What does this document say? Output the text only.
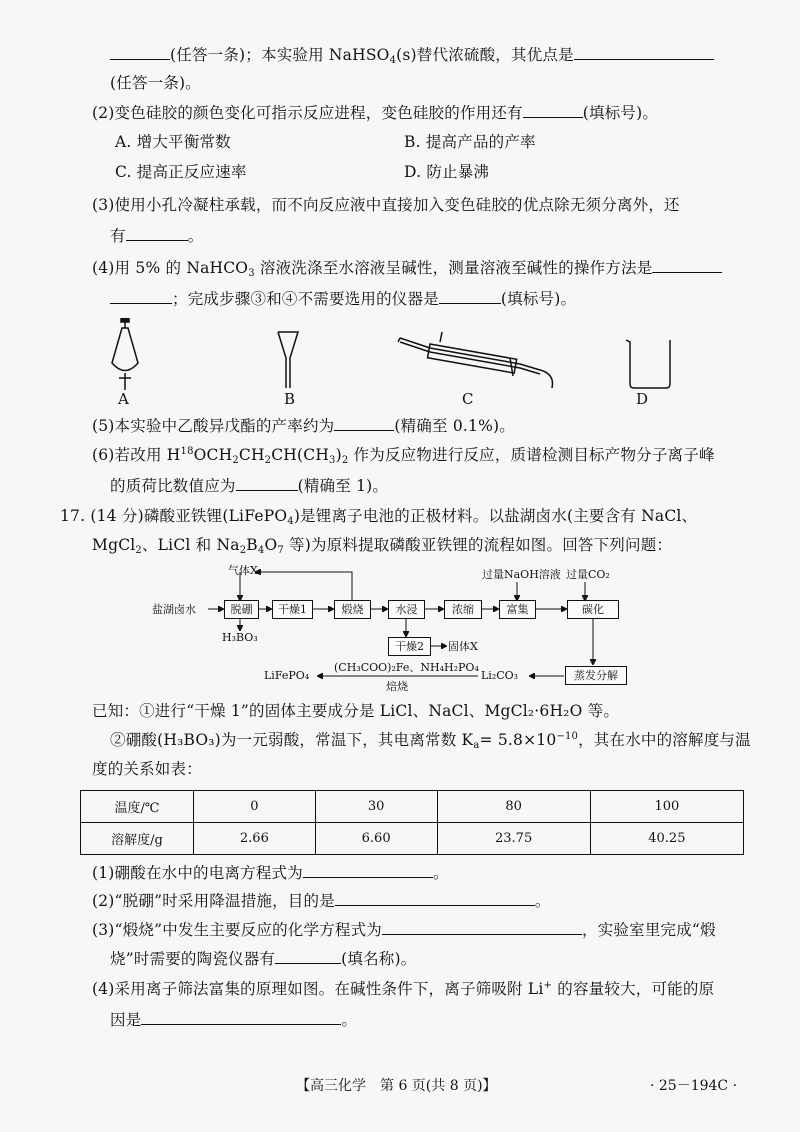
(任答一条)；本实验用 NaHSO$_4$(s)替代浓硫酸，其优点是
(任答一条)。
(2)变色硅胶的颜色变化可指示反应进程，变色硅胶的作用还有	(填标号)。
A. 增大平衡常数	B. 提高产品的产率
C. 提高正反应速率	D. 防止暴沸
(3)使用小孔冷凝柱承载，而不向反应液中直接加入变色硅胶的优点除无须分离外，还
有	。
(4)用 5% 的 NaHCO$_3$ 溶液洗涤至水溶液呈碱性，测量溶液至碱性的操作方法是
；完成步骤③和④不需要选用的仪器是	(填标号)。
A	B	C	D
(5)本实验中乙酸异戊酯的产率约为	(精确至 0.1%)。
(6)若改用 $H^{18}OCH_2CH_2CH(CH_3)_2$ 作为反应物进行反应，质谱检测目标产物分子离子峰
的质荷比数值应为	(精确至 1)。
17. (14 分)磷酸亚铁锂(LiFePO$_4$)是锂离子电池的正极材料。以盐湖卤水(主要含有 NaCl、
MgCl$_2$、LiCl 和 $Na_2B_4O_7$ 等)为原料提取磷酸亚铁锂的流程如图。回答下列问题：
气体X
盐湖卤水	脱硼	干燥1	煅烧	水浸	浓缩	富集	碳化
H₃BO₃
干燥2	固体X
过量NaOH溶液 过量CO₂
蒸发分解
Li₂CO₃
(CH₃COO)₂Fe、NH₄H₂PO₄
焙烧
LiFePO₄
已知：①进行“干燥 1”的固体主要成分是 LiCl、NaCl、MgCl₂·6H₂O 等。
②硼酸(H₃BO₃)为一元弱酸，常温下，其电离常数 $K_a= 5.8\times 10^{-10}$，其在水中的溶解度与温
度的关系如表：
温度/℃	0	30	80	100
溶解度/g	2.66	6.60	23.75	40.25
(1)硼酸在水中的电离方程式为	。
(2)“脱硼”时采用降温措施，目的是	。
(3)“煅烧”中发生主要反应的化学方程式为	，实验室里完成“煅
烧”时需要的陶瓷仪器有	(填名称)。
(4)采用离子筛法富集的原理如图。在碱性条件下，离子筛吸附 Li+ 的容量较大，可能的原
因是	。
【高三化学　第 6 页(共 8 页)】	· 25－194C ·
